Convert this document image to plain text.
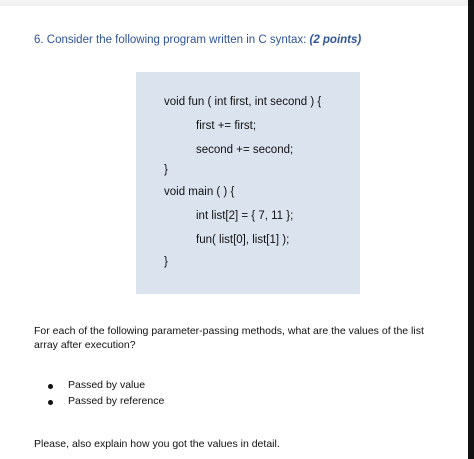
6. Consider the following program written in C syntax: (2 points)
void fun ( int first, int second ) {
first += first;
second += second;
}
void main ( ) {
int list[2] = { 7, 11 };
fun( list[0], list[1] );
}
For each of the following parameter-passing methods, what are the values of the list array after execution?
Passed by value
Passed by reference
Please, also explain how you got the values in detail.
